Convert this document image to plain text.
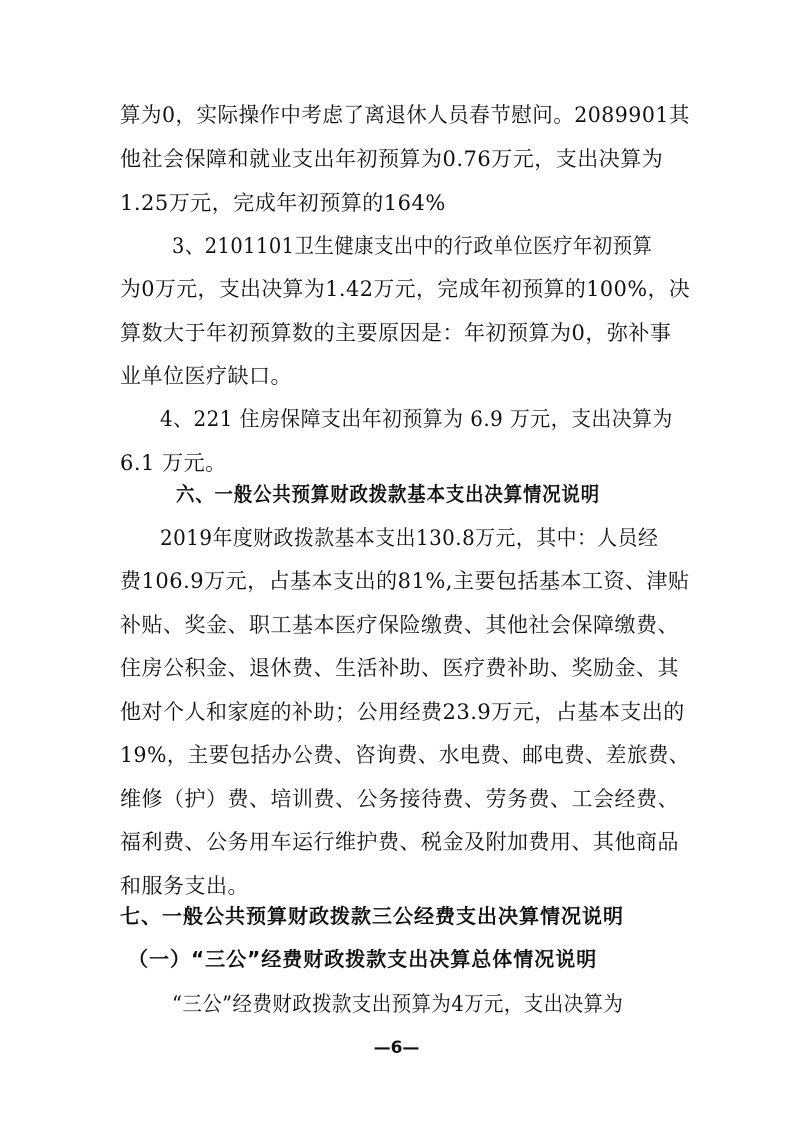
算为0，实际操作中考虑了离退休人员春节慰问。2089901其
他社会保障和就业支出年初预算为0.76万元，支出决算为
1.25万元，完成年初预算的164%
3、2101101卫生健康支出中的行政单位医疗年初预算
为0万元，支出决算为1.42万元，完成年初预算的100%，决
算数大于年初预算数的主要原因是：年初预算为0，弥补事
业单位医疗缺口。
4、221 住房保障支出年初预算为 6.9 万元，支出决算为
6.1 万元。
六、一般公共预算财政拨款基本支出决算情况说明
2019年度财政拨款基本支出130.8万元，其中：人员经
费106.9万元，占基本支出的81%,主要包括基本工资、津贴
补贴、奖金、职工基本医疗保险缴费、其他社会保障缴费、
住房公积金、退休费、生活补助、医疗费补助、奖励金、其
他对个人和家庭的补助；公用经费23.9万元，占基本支出的
19%，主要包括办公费、咨询费、水电费、邮电费、差旅费、
维修（护）费、培训费、公务接待费、劳务费、工会经费、
福利费、公务用车运行维护费、税金及附加费用、其他商品
和服务支出。
七、一般公共预算财政拨款三公经费支出决算情况说明
（一）“三公”经费财政拨款支出决算总体情况说明
“三公”经费财政拨款支出预算为4万元，支出决算为
—6—
